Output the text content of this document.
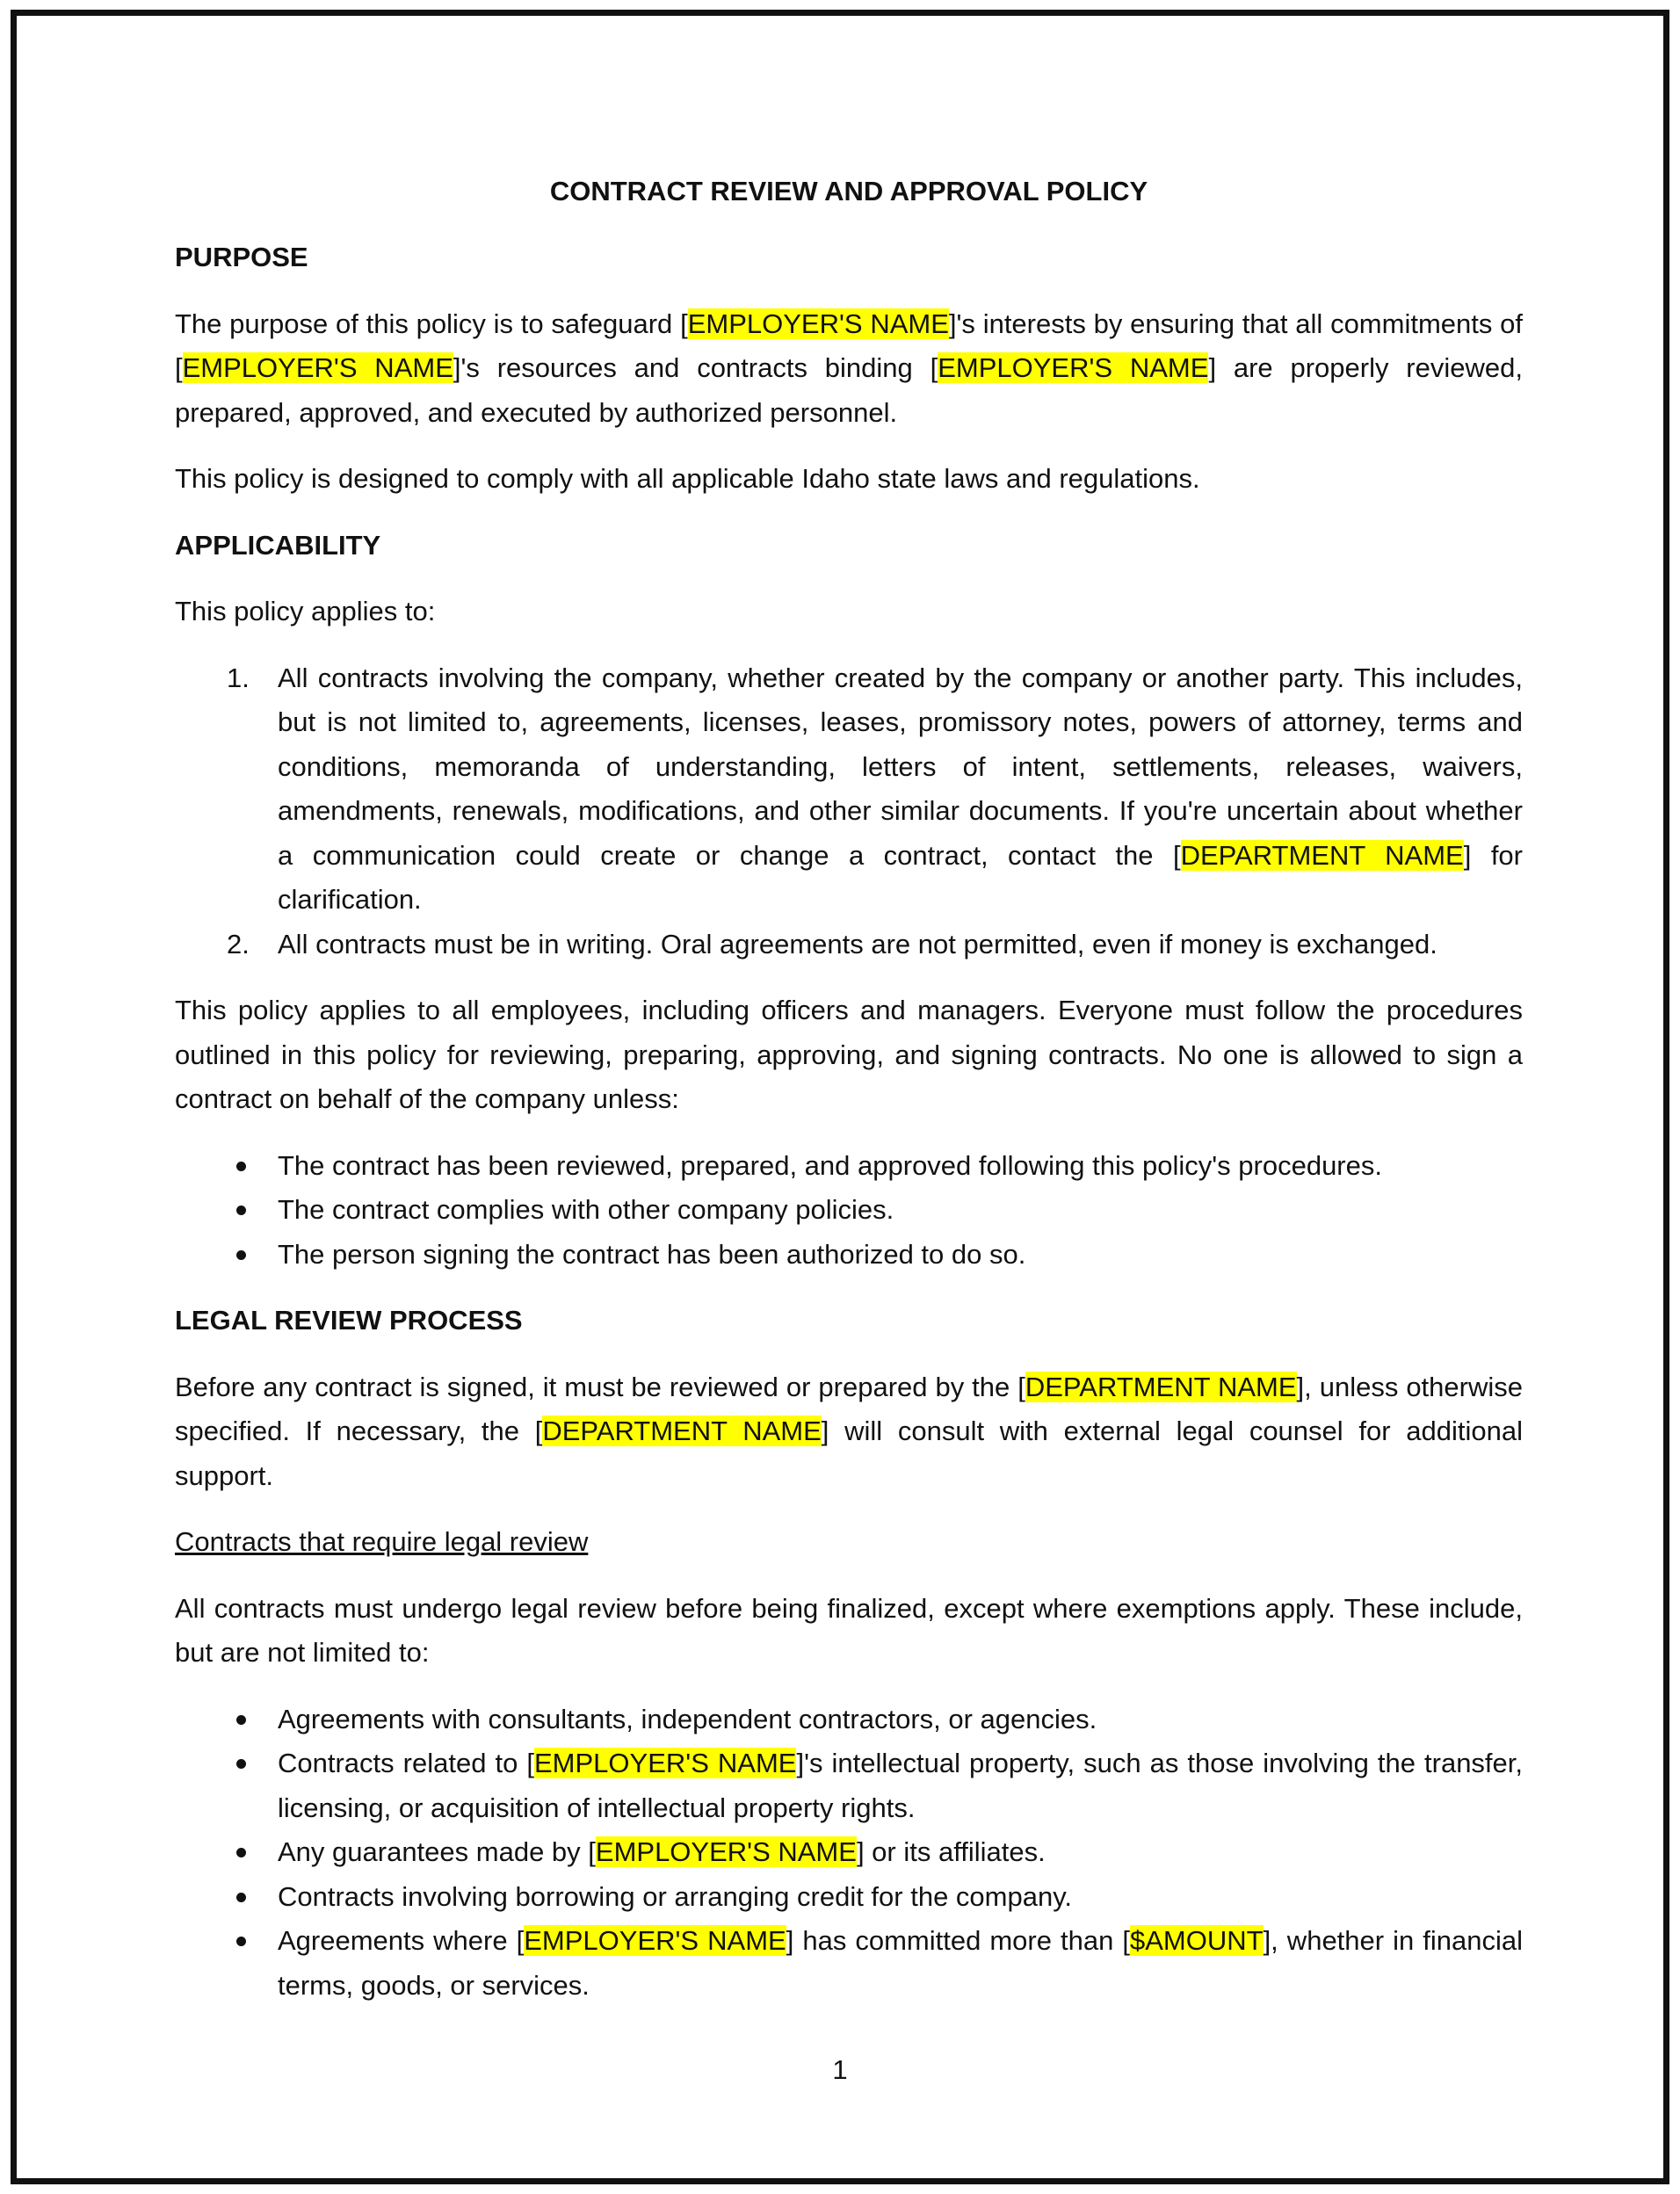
CONTRACT REVIEW AND APPROVAL POLICY
PURPOSE

The purpose of this policy is to safeguard [EMPLOYER'S NAME]'s interests by ensuring that all commitments of [EMPLOYER'S NAME]'s resources and contracts binding [EMPLOYER'S NAME] are properly reviewed, prepared, approved, and executed by authorized personnel.

This policy is designed to comply with all applicable Idaho state laws and regulations.

APPLICABILITY

This policy applies to:

1. All contracts involving the company, whether created by the company or another party. This includes, but is not limited to, agreements, licenses, leases, promissory notes, powers of attorney, terms and conditions, memoranda of understanding, letters of intent, settlements, releases, waivers, amendments, renewals, modifications, and other similar documents. If you're uncertain about whether a communication could create or change a contract, contact the [DEPARTMENT NAME] for clarification.
2. All contracts must be in writing. Oral agreements are not permitted, even if money is exchanged.

This policy applies to all employees, including officers and managers. Everyone must follow the procedures outlined in this policy for reviewing, preparing, approving, and signing contracts. No one is allowed to sign a contract on behalf of the company unless:

The contract has been reviewed, prepared, and approved following this policy's procedures.
The contract complies with other company policies.
The person signing the contract has been authorized to do so.
LEGAL REVIEW PROCESS

Before any contract is signed, it must be reviewed or prepared by the [DEPARTMENT NAME], unless otherwise specified. If necessary, the [DEPARTMENT NAME] will consult with external legal counsel for additional support.

Contracts that require legal review

All contracts must undergo legal review before being finalized, except where exemptions apply. These include, but are not limited to:

Agreements with consultants, independent contractors, or agencies.
Contracts related to [EMPLOYER'S NAME]'s intellectual property, such as those involving the transfer, licensing, or acquisition of intellectual property rights.
Any guarantees made by [EMPLOYER'S NAME] or its affiliates.
Contracts involving borrowing or arranging credit for the company.
Agreements where [EMPLOYER'S NAME] has committed more than [$AMOUNT], whether in financial terms, goods, or services.
1
